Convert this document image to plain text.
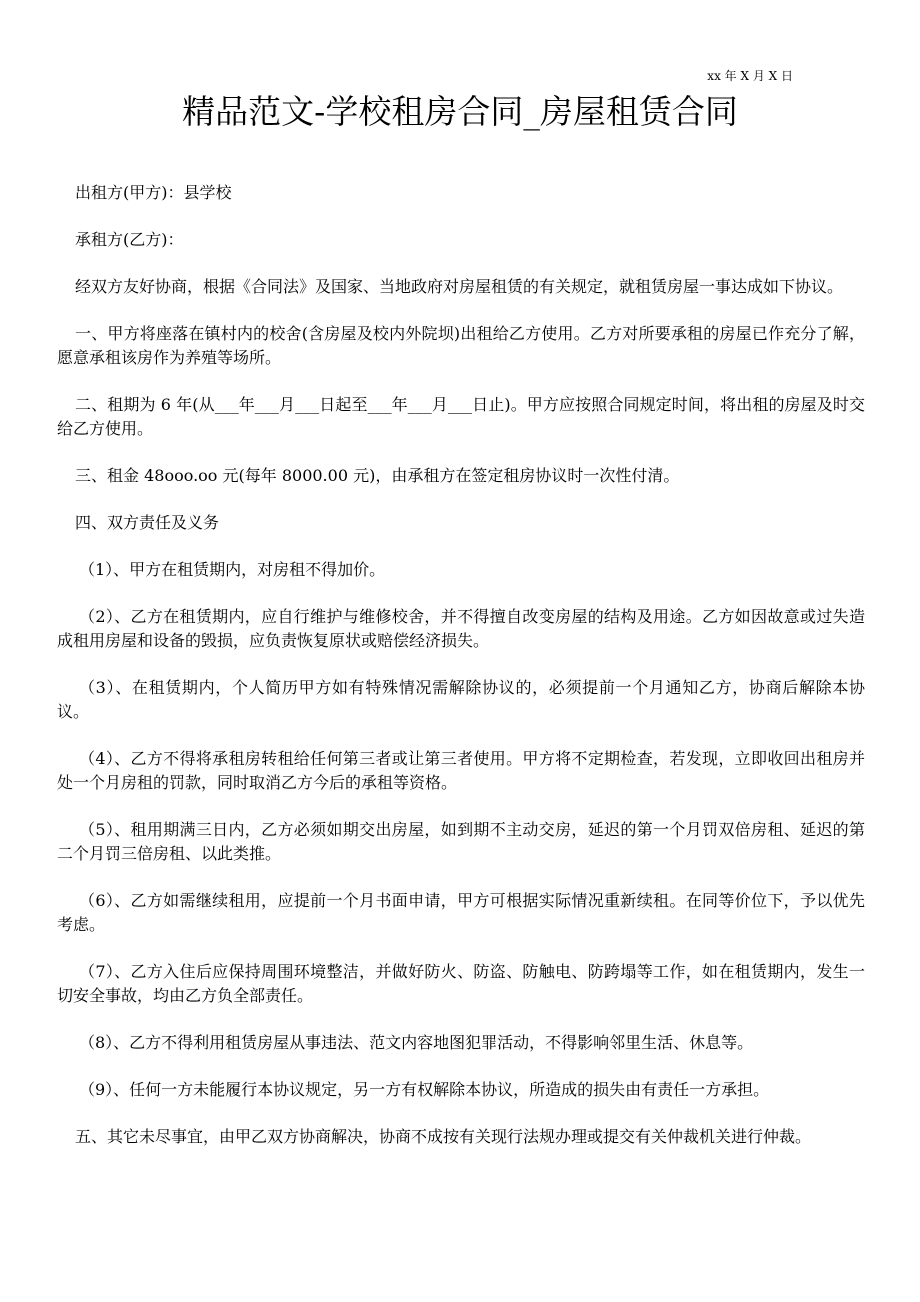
xx 年 X 月 X 日
精品范文-学校租房合同_房屋租赁合同

出租方(甲方)：县学校

承租方(乙方)：

经双方友好协商，根据《合同法》及国家、当地政府对房屋租赁的有关规定，就租赁房屋一事达成如下协议。

一、甲方将座落在镇村内的校舍(含房屋及校内外院坝)出租给乙方使用。乙方对所要承租的房屋已作充分了解，愿意承租该房作为养殖等场所。

二、租期为 6 年(从___年___月___日起至___年___月___日止)。甲方应按照合同规定时间，将出租的房屋及时交给乙方使用。

三、租金 48ooo.oo 元(每年 8000.00 元)，由承租方在签定租房协议时一次性付清。

四、双方责任及义务

（1）、甲方在租赁期内，对房租不得加价。

（2）、乙方在租赁期内，应自行维护与维修校舍，并不得擅自改变房屋的结构及用途。乙方如因故意或过失造成租用房屋和设备的毁损，应负责恢复原状或赔偿经济损失。

（3）、在租赁期内，个人简历甲方如有特殊情况需解除协议的，必须提前一个月通知乙方，协商后解除本协议。

（4）、乙方不得将承租房转租给任何第三者或让第三者使用。甲方将不定期检查，若发现，立即收回出租房并处一个月房租的罚款，同时取消乙方今后的承租等资格。

（5）、租用期满三日内，乙方必须如期交出房屋，如到期不主动交房，延迟的第一个月罚双倍房租、延迟的第二个月罚三倍房租、以此类推。

（6）、乙方如需继续租用，应提前一个月书面申请，甲方可根据实际情况重新续租。在同等价位下，予以优先考虑。

（7）、乙方入住后应保持周围环境整洁，并做好防火、防盗、防触电、防跨塌等工作，如在租赁期内，发生一切安全事故，均由乙方负全部责任。

（8）、乙方不得利用租赁房屋从事违法、范文内容地图犯罪活动，不得影响邻里生活、休息等。

（9）、任何一方未能履行本协议规定，另一方有权解除本协议，所造成的损失由有责任一方承担。

五、其它未尽事宜，由甲乙双方协商解决，协商不成按有关现行法规办理或提交有关仲裁机关进行仲裁。
